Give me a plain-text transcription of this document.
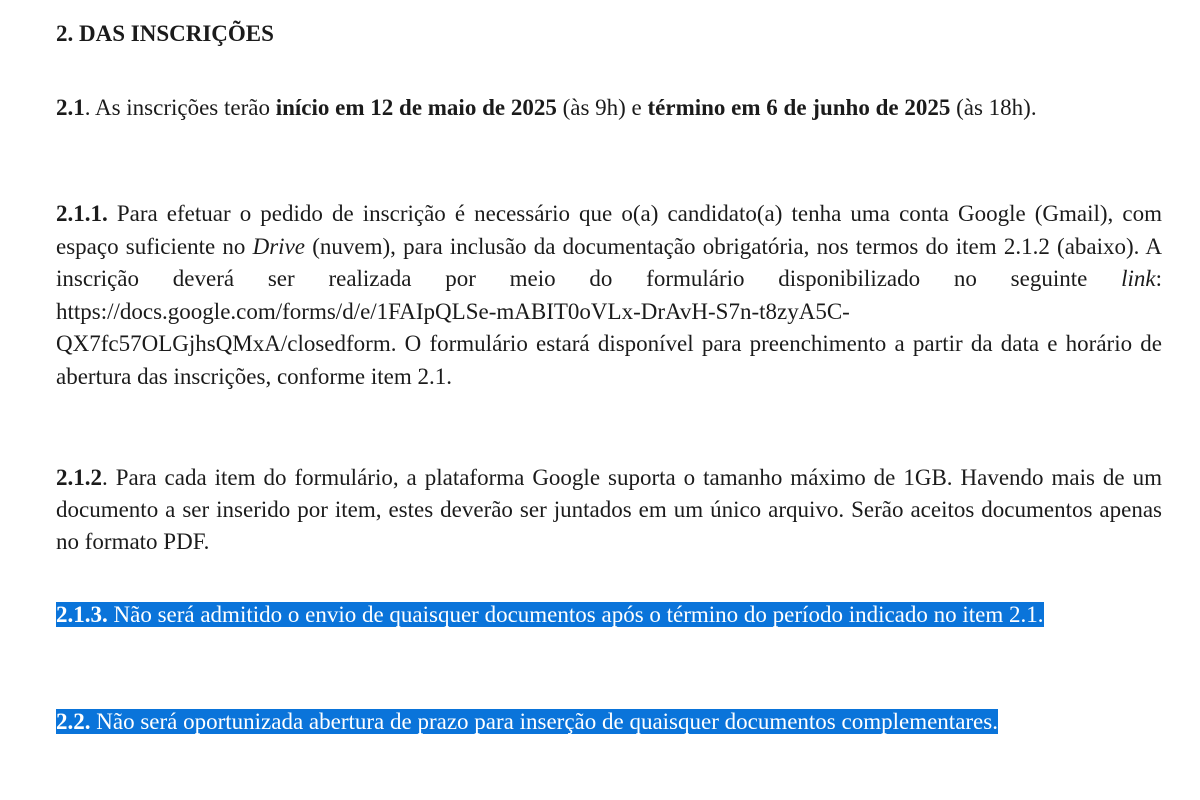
2. DAS INSCRIÇÕES

2.1. As inscrições terão início em 12 de maio de 2025 (às 9h) e término em 6 de junho de 2025 (às 18h).

2.1.1. Para efetuar o pedido de inscrição é necessário que o(a) candidato(a) tenha uma conta Google (Gmail), com espaço suficiente no Drive (nuvem), para inclusão da documentação obrigatória, nos termos do item 2.1.2 (abaixo). A inscrição deverá ser realizada por meio do formulário disponibilizado no seguinte link: https://docs.google.com/forms/d/e/1FAIpQLSe-mABIT0oVLx-DrAvH-S7n-t8zyA5C-QX7fc57OLGjhsQMxA/closedform. O formulário estará disponível para preenchimento a partir da data e horário de abertura das inscrições, conforme item 2.1.

2.1.2. Para cada item do formulário, a plataforma Google suporta o tamanho máximo de 1GB. Havendo mais de um documento a ser inserido por item, estes deverão ser juntados em um único arquivo. Serão aceitos documentos apenas no formato PDF.

2.1.3. Não será admitido o envio de quaisquer documentos após o término do período indicado no item 2.1.

2.2. Não será oportunizada abertura de prazo para inserção de quaisquer documentos complementares.
